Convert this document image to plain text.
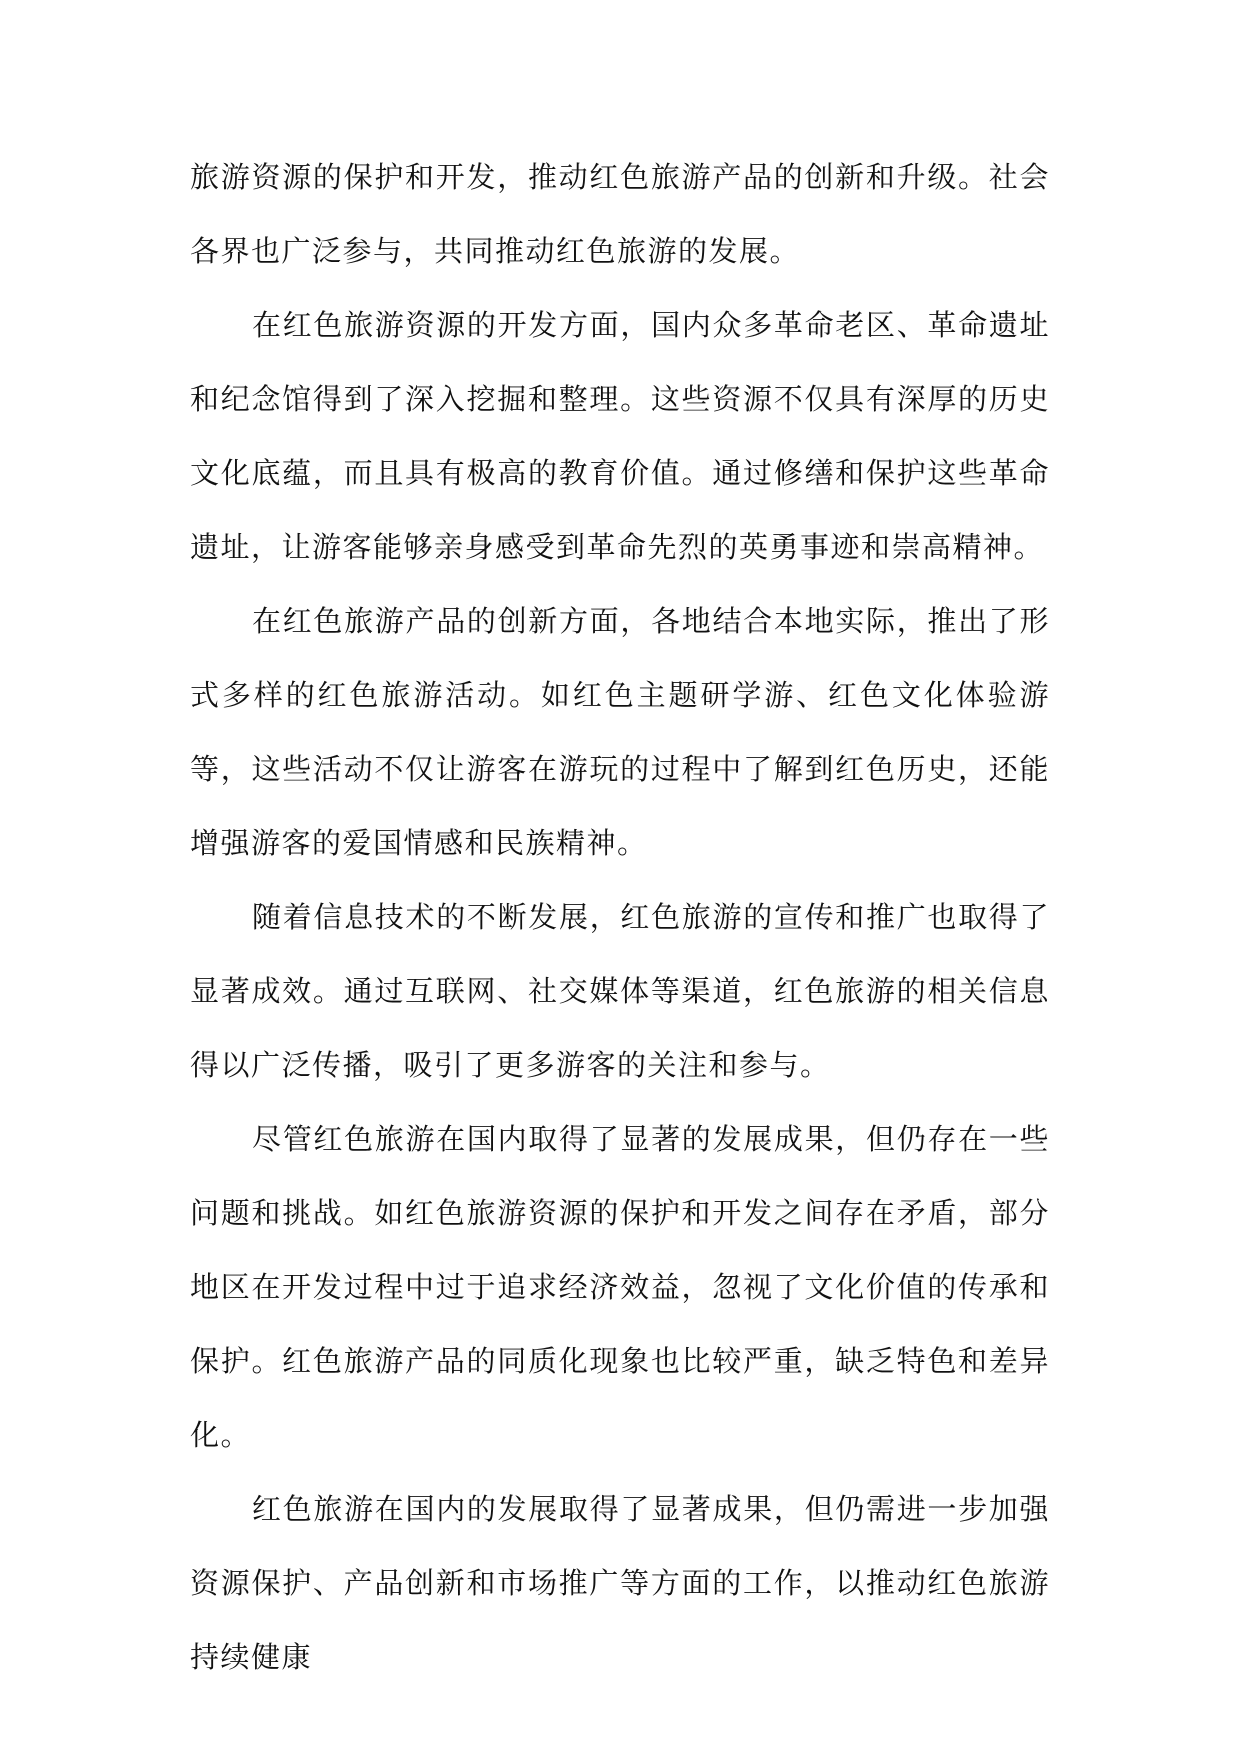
旅游资源的保护和开发，推动红色旅游产品的创新和升级。社会各界也广泛参与，共同推动红色旅游的发展。

在红色旅游资源的开发方面，国内众多革命老区、革命遗址和纪念馆得到了深入挖掘和整理。这些资源不仅具有深厚的历史文化底蕴，而且具有极高的教育价值。通过修缮和保护这些革命遗址，让游客能够亲身感受到革命先烈的英勇事迹和崇高精神。

在红色旅游产品的创新方面，各地结合本地实际，推出了形式多样的红色旅游活动。如红色主题研学游、红色文化体验游等，这些活动不仅让游客在游玩的过程中了解到红色历史，还能增强游客的爱国情感和民族精神。

随着信息技术的不断发展，红色旅游的宣传和推广也取得了显著成效。通过互联网、社交媒体等渠道，红色旅游的相关信息得以广泛传播，吸引了更多游客的关注和参与。

尽管红色旅游在国内取得了显著的发展成果，但仍存在一些问题和挑战。如红色旅游资源的保护和开发之间存在矛盾，部分地区在开发过程中过于追求经济效益，忽视了文化价值的传承和保护。红色旅游产品的同质化现象也比较严重，缺乏特色和差异化。

红色旅游在国内的发展取得了显著成果，但仍需进一步加强资源保护、产品创新和市场推广等方面的工作，以推动红色旅游持续健康
